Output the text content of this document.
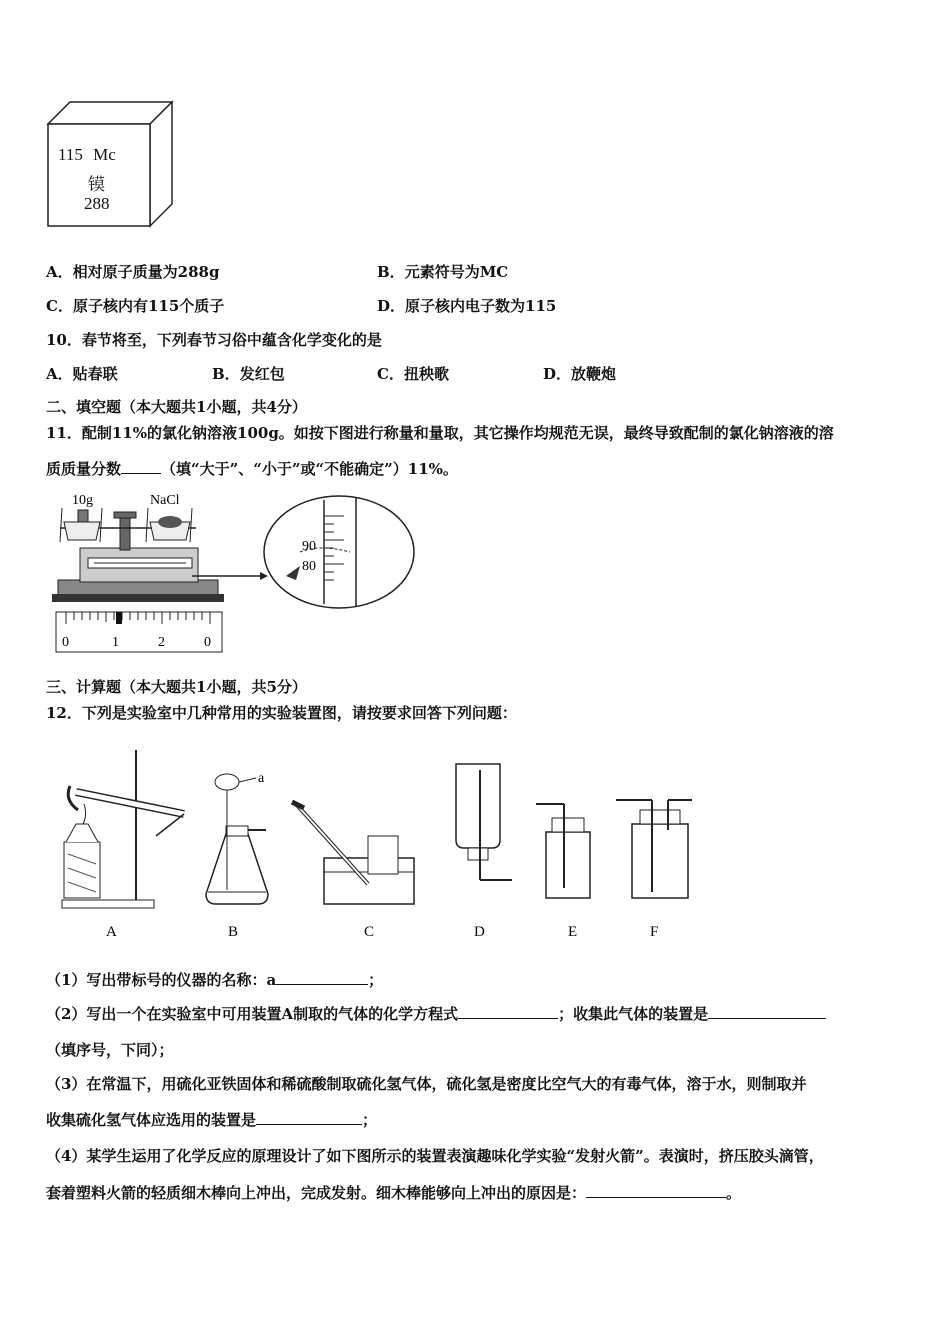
115 Mc
镆
288
A．相对原子质量为288g	B．元素符号为MC
C．原子核内有115个质子	D．原子核内电子数为115
10．春节将至，下列春节习俗中蕴含化学变化的是
A．贴春联	B．发红包	C．扭秧歌	D．放鞭炮
二、填空题（本大题共1小题，共4分）
11．配制11%的氯化钠溶液100g。如按下图进行称量和量取，其它操作均规范无误，最终导致配制的氯化钠溶液的溶
质质量分数	（填“大于”、“小于”或“不能确定”）11%。
10g	NaCl
0	1	2	0
90
80
三、计算题（本大题共1小题，共5分）
12．下列是实验室中几种常用的实验装置图，请按要求回答下列问题：
A
a
B	C	D	E	F
（1）写出带标号的仪器的名称：a	；
（2）写出一个在实验室中可用装置A制取的气体的化学方程式	；收集此气体的装置是
（填序号，下同）；
（3）在常温下，用硫化亚铁固体和稀硫酸制取硫化氢气体，硫化氢是密度比空气大的有毒气体，溶于水，则制取并
收集硫化氢气体应选用的装置是	；
（4）某学生运用了化学反应的原理设计了如下图所示的装置表演趣味化学实验“发射火箭”。表演时，挤压胶头滴管，
套着塑料火箭的轻质细木棒向上冲出，完成发射。细木棒能够向上冲出的原因是：	。
